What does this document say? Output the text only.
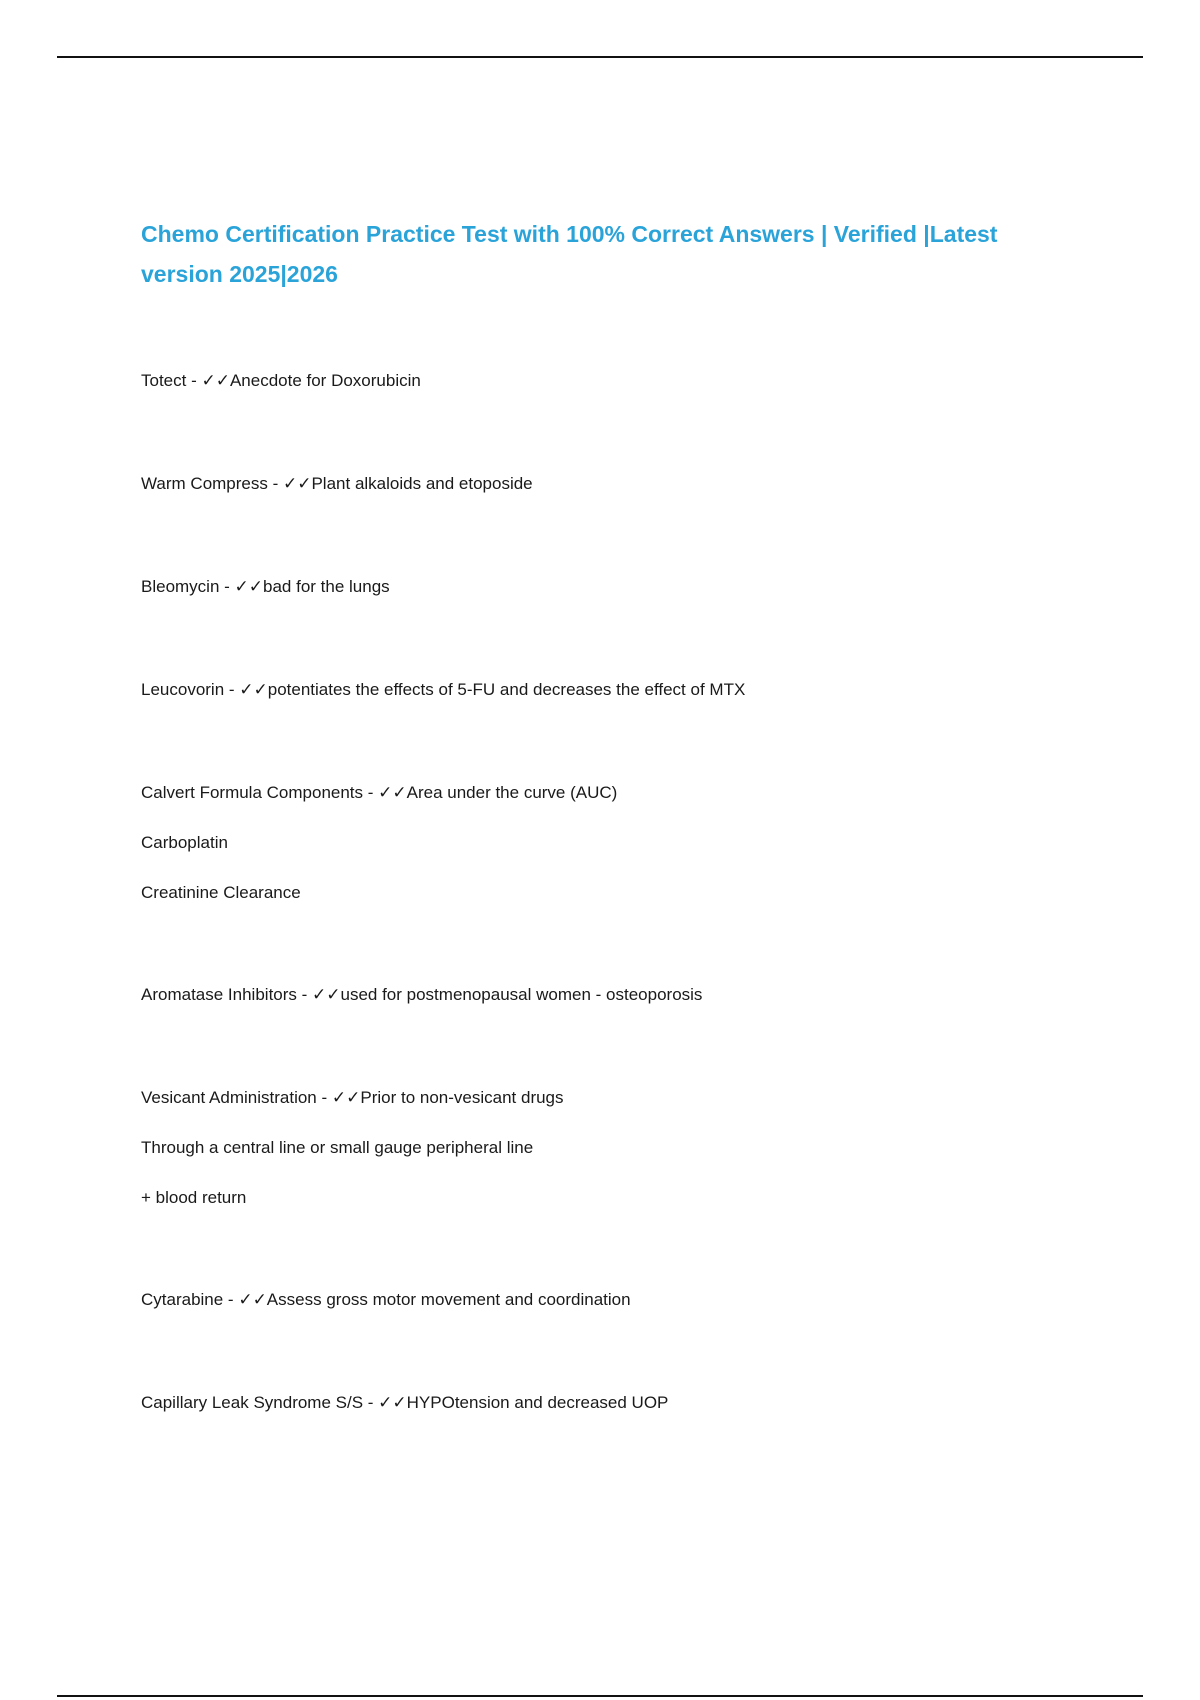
Chemo Certification Practice Test with 100% Correct Answers | Verified |Latest version 2025|2026
Totect - ✓✓Anecdote for Doxorubicin
Warm Compress - ✓✓Plant alkaloids and etoposide
Bleomycin - ✓✓bad for the lungs
Leucovorin - ✓✓potentiates the effects of 5-FU and decreases the effect of MTX
Calvert Formula Components - ✓✓Area under the curve (AUC)
Carboplatin
Creatinine Clearance
Aromatase Inhibitors - ✓✓used for postmenopausal women - osteoporosis
Vesicant Administration - ✓✓Prior to non-vesicant drugs
Through a central line or small gauge peripheral line
+ blood return
Cytarabine - ✓✓Assess gross motor movement and coordination
Capillary Leak Syndrome S/S - ✓✓HYPOtension and decreased UOP
